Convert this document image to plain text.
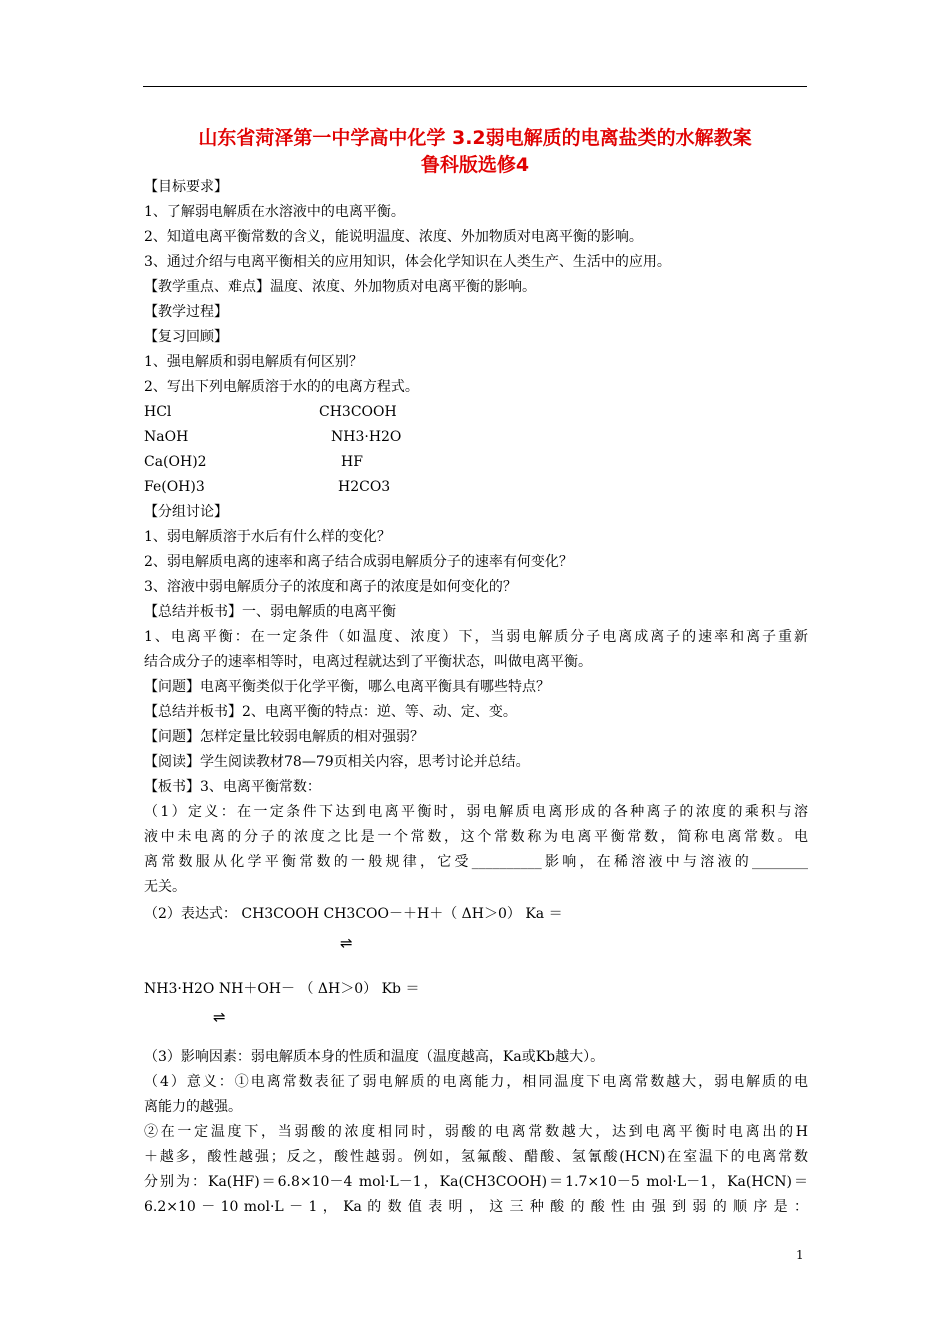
山东省菏泽第一中学高中化学 3.2弱电解质的电离盐类的水解教案
鲁科版选修4
【目标要求】
1、了解弱电解质在水溶液中的电离平衡。
2、知道电离平衡常数的含义，能说明温度、浓度、外加物质对电离平衡的影响。
3、通过介绍与电离平衡相关的应用知识，体会化学知识在人类生产、生活中的应用。
【教学重点、难点】温度、浓度、外加物质对电离平衡的影响。
【教学过程】
【复习回顾】
1、强电解质和弱电解质有何区别？
2、写出下列电解质溶于水的的电离方程式。
HCl	CH3COOH
NaOH	NH3·H2O
Ca(OH)2	HF
Fe(OH)3	H2CO3
【分组讨论】
1、弱电解质溶于水后有什么样的变化？
2、弱电解质电离的速率和离子结合成弱电解质分子的速率有何变化？
3、溶液中弱电解质分子的浓度和离子的浓度是如何变化的？
【总结并板书】一、弱电解质的电离平衡
1、电离平衡：在一定条件（如温度、浓度）下，当弱电解质分子电离成离子的速率和离子重新
结合成分子的速率相等时，电离过程就达到了平衡状态，叫做电离平衡。
【问题】电离平衡类似于化学平衡，哪么电离平衡具有哪些特点？
【总结并板书】2、电离平衡的特点：逆、等、动、定、变。
【问题】怎样定量比较弱电解质的相对强弱？
【阅读】学生阅读教材78—79页相关内容，思考讨论并总结。
【板书】3、电离平衡常数：
（1）定义：在一定条件下达到电离平衡时，弱电解质电离形成的各种离子的浓度的乘积与溶
液中未电离的分子的浓度之比是一个常数，这个常数称为电离平衡常数，简称电离常数。电
离常数服从化学平衡常数的一般规律，它受__________影响，在稀溶液中与溶液的________
无关。
（2）表达式： CH3COOH CH3COO－＋H＋（ ΔH＞0） Ka ＝
⇌
NH3·H2O NH＋OH－ （ ΔH＞0） Kb ＝
⇌
（3）影响因素：弱电解质本身的性质和温度（温度越高，Ka或Kb越大）。
（4）意义：①电离常数表征了弱电解质的电离能力，相同温度下电离常数越大，弱电解质的电
离能力的越强。
②在一定温度下，当弱酸的浓度相同时，弱酸的电离常数越大，达到电离平衡时电离出的H
＋越多，酸性越强；反之，酸性越弱。例如，氢氟酸、醋酸、氢氰酸(HCN)在室温下的电离常数
分别为：Ka(HF)＝6.8×10－4 mol·L－1，Ka(CH3COOH)＝1.7×10－5 mol·L－1，Ka(HCN)＝
6.2×10 － 10 mol·L － 1 ， Ka 的 数 值 表 明 ， 这 三 种 酸 的 酸 性 由 强 到 弱 的 顺 序 是 ：
1
